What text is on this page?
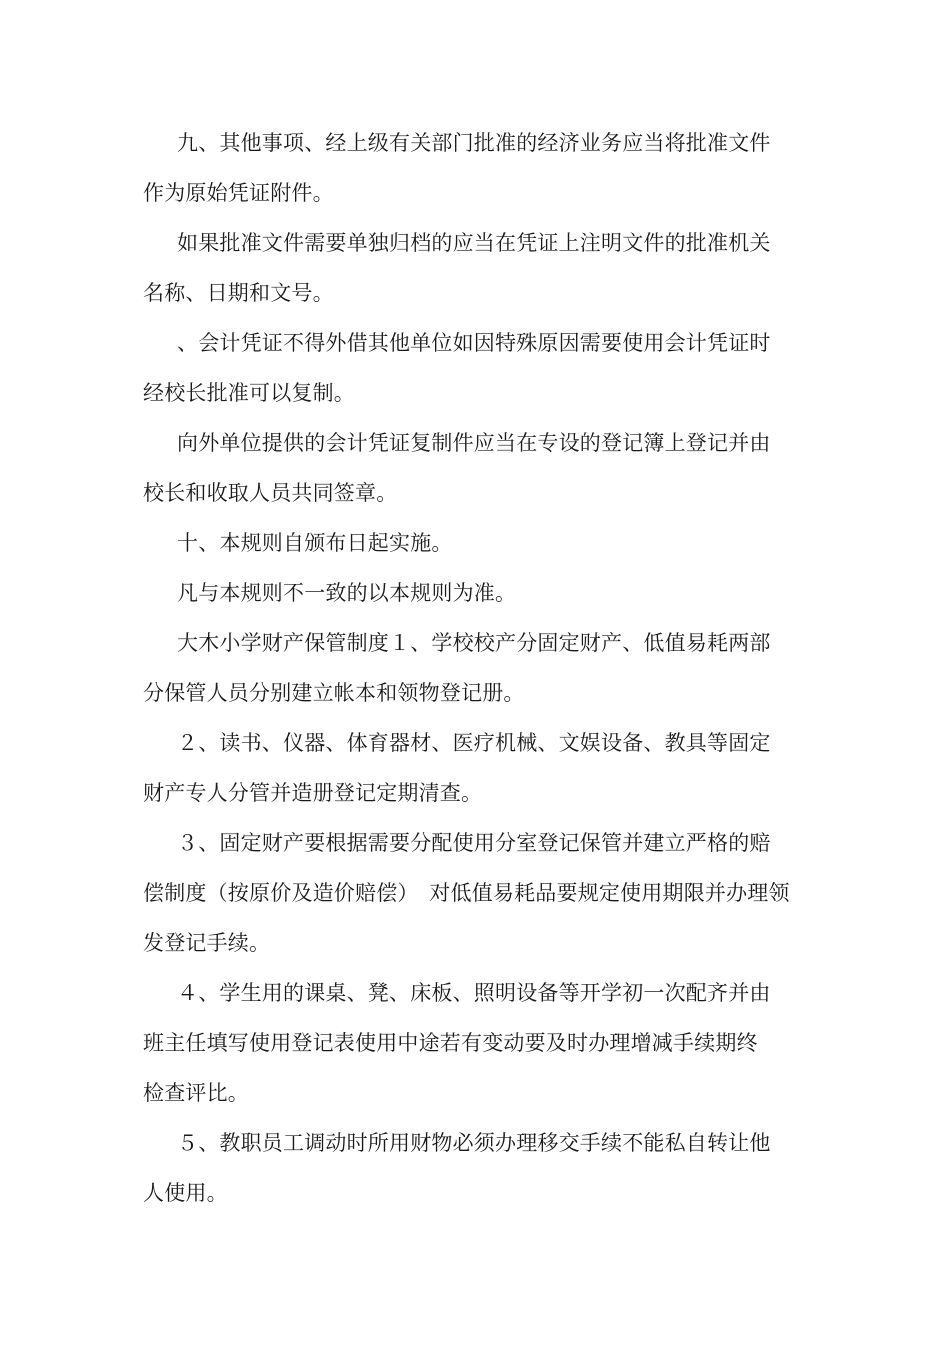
九、其他事项、经上级有关部门批准的经济业务应当将批准文件
作为原始凭证附件。
如果批准文件需要单独归档的应当在凭证上注明文件的批准机关
名称、日期和文号。
、会计凭证不得外借其他单位如因特殊原因需要使用会计凭证时
经校长批准可以复制。
向外单位提供的会计凭证复制件应当在专设的登记簿上登记并由
校长和收取人员共同签章。
十、本规则自颁布日起实施。
凡与本规则不一致的以本规则为准。
大木小学财产保管制度１、学校校产分固定财产、低值易耗两部
分保管人员分别建立帐本和领物登记册。
２、读书、仪器、体育器材、医疗机械、文娱设备、教具等固定
财产专人分管并造册登记定期清查。
３、固定财产要根据需要分配使用分室登记保管并建立严格的赔
偿制度（按原价及造价赔偿）　对低值易耗品要规定使用期限并办理领
发登记手续。
４、学生用的课桌、凳、床板、照明设备等开学初一次配齐并由
班主任填写使用登记表使用中途若有变动要及时办理增减手续期终
检查评比。
５、教职员工调动时所用财物必须办理移交手续不能私自转让他
人使用。
